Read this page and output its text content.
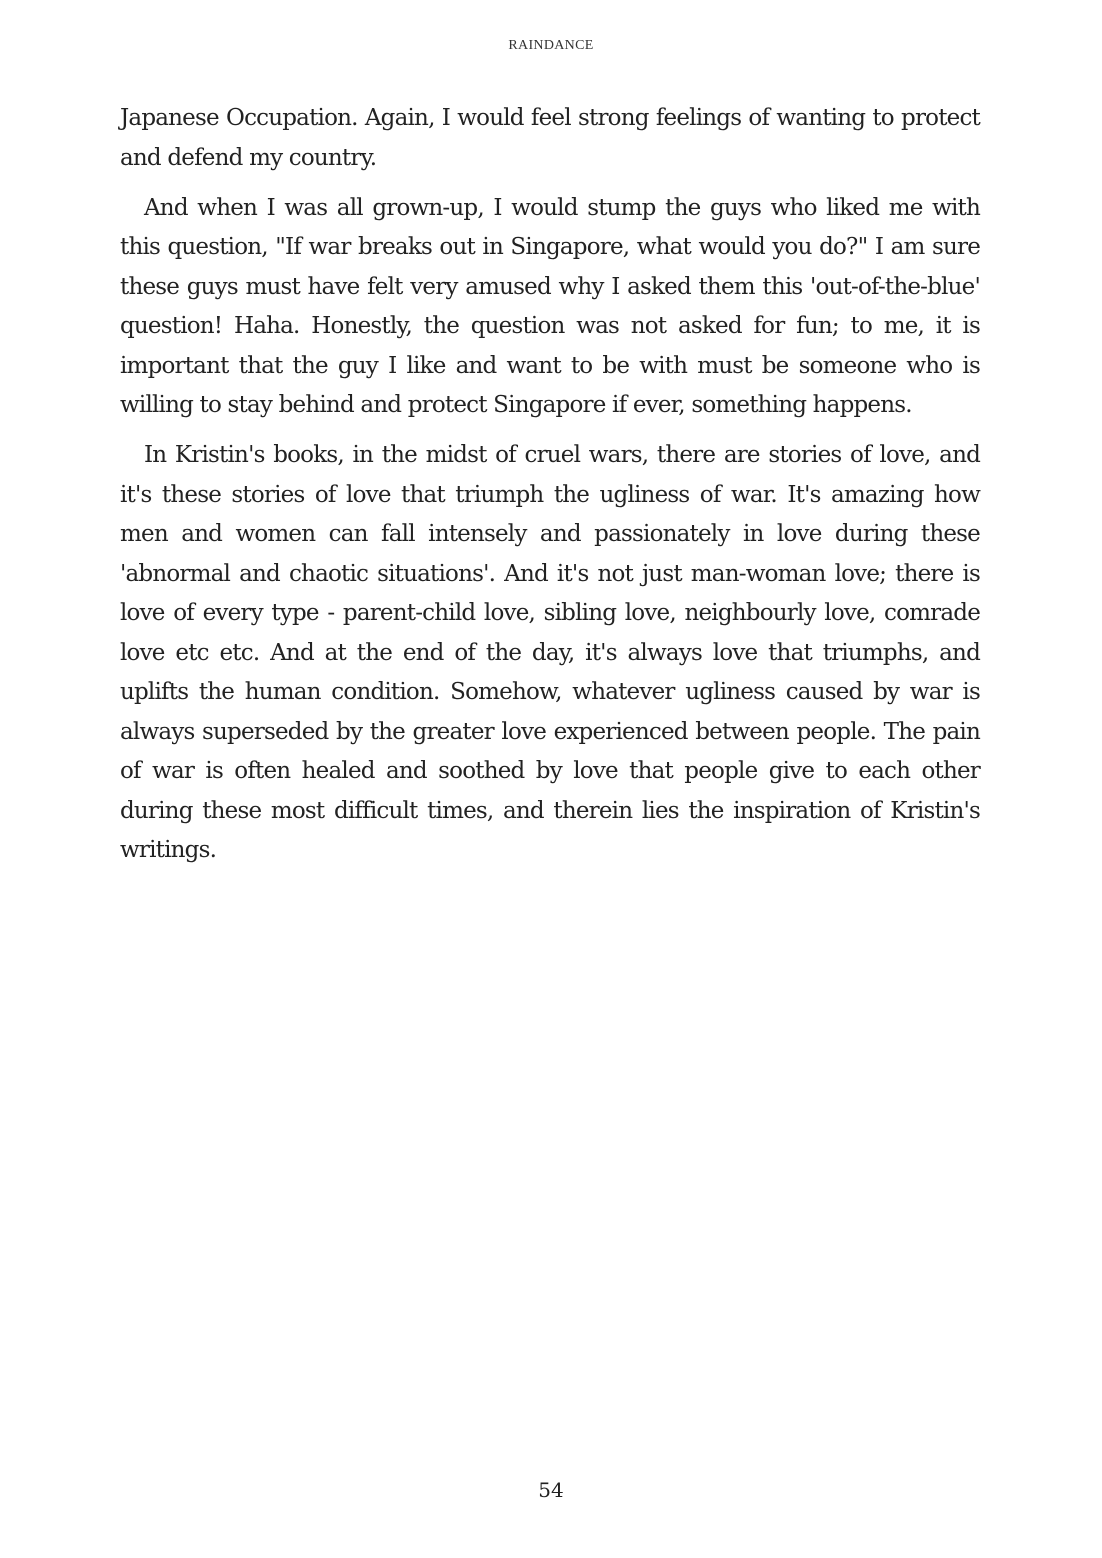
RAINDANCE

Japanese Occupation. Again, I would feel strong feelings of wanting to protect and defend my country.

And when I was all grown-up, I would stump the guys who liked me with this question, "If war breaks out in Singapore, what would you do?" I am sure these guys must have felt very amused why I asked them this 'out-of-the-blue' question! Haha. Honestly, the question was not asked for fun; to me, it is important that the guy I like and want to be with must be someone who is willing to stay behind and protect Singapore if ever, something happens.

In Kristin's books, in the midst of cruel wars, there are stories of love, and it's these stories of love that triumph the ugliness of war. It's amazing how men and women can fall intensely and passionately in love during these 'abnormal and chaotic situations'. And it's not just man-woman love; there is love of every type - parent-child love, sibling love, neighbourly love, comrade love etc etc. And at the end of the day, it's always love that triumphs, and uplifts the human condition. Somehow, whatever ugliness caused by war is always superseded by the greater love experienced between people. The pain of war is often healed and soothed by love that people give to each other during these most difficult times, and therein lies the inspiration of Kristin's writings.

54
